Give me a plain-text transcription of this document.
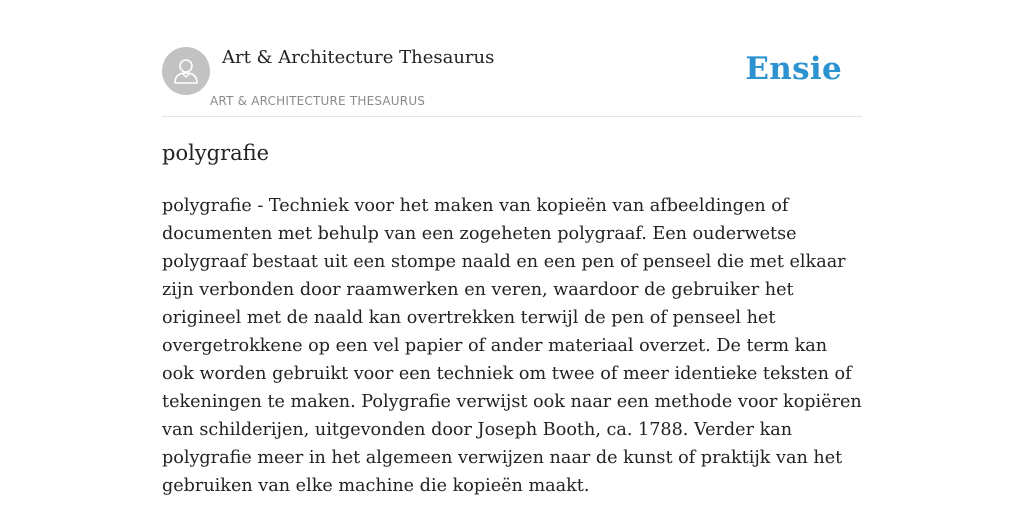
Art & Architecture Thesaurus
ART & ARCHITECTURE THESAURUS
Ensie
polygrafie

polygrafie - Techniek voor het maken van kopieën van afbeeldingen of documenten met behulp van een zogeheten polygraaf. Een ouderwetse polygraaf bestaat uit een stompe naald en een pen of penseel die met elkaar zijn verbonden door raamwerken en veren, waardoor de gebruiker het origineel met de naald kan overtrekken terwijl de pen of penseel het overgetrokkene op een vel papier of ander materiaal overzet. De term kan ook worden gebruikt voor een techniek om twee of meer identieke teksten of tekeningen te maken. Polygrafie verwijst ook naar een methode voor kopiëren van schilderijen, uitgevonden door Joseph Booth, ca. 1788. Verder kan polygrafie meer in het algemeen verwijzen naar de kunst of praktijk van het gebruiken van elke machine die kopieën maakt.
